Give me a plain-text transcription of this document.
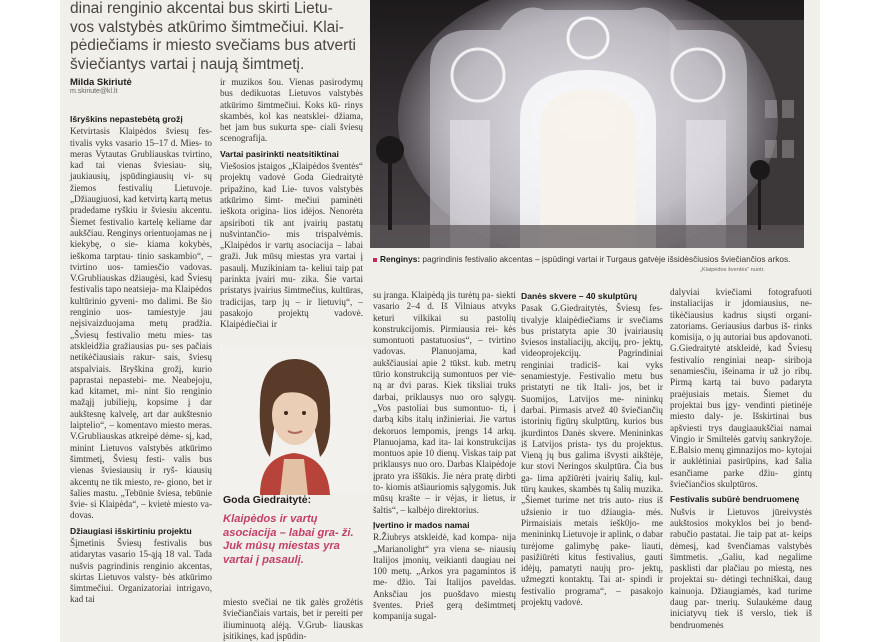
dinai renginio akcentai bus skirti Lietu- vos valstybės atkūrimo šimtmečiui. Klai- pėdiečiams ir miesto svečiams bus atverti šviečiantys vartai į naują šimtmetį.
Milda Skiriutė
m.skiriute@kl.lt
Išryškins nepastebėtą grožį

Ketvirtasis Klaipėdos šviesų fes- tivalis vyks vasario 15–17 d. Mies- to meras Vytautas Grubliauskas tvirtino, kad tai vienas šviesiau- sių, jaukiausių, įspūdingiausių vi- sų žiemos festivalių Lietuvoje. „Džiaugiuosi, kad ketvirtą kartą metus pradedame ryškiu ir šviesiu akcentu. Šiemet festivalio kartelę keliame dar aukščiau. Renginys orientuojamas ne į kiekybę, o sie- kiama kokybės, ieškoma tarptau- tinio saskambio“, – tvirtino uos- tamiesčio vadovas. V.Grubliauskas džiaugėsi, kad Šviesų festivalis tapo neatsieja- ma Klaipėdos kultūrinio gyveni- mo dalimi. Be šio renginio uos- tamiestyje jau neįsivaizduojama metų pradžia. „Šviesų festivalio metu mies- tas atskleidžia gražiausias pu- ses pačiais netikėčiausiais rakur- sais, šviesų atspalviais. Išryškina grožį, kurio paprastai nepastebi- me. Neabejoju, kad kitamet, mi- nint šio renginio mažąjį jubiliejų, kopsime į dar aukštesnę kalvelę, art dar aukštesnio laiptelio“, – komentavo miesto meras. V.Grubliauskas atkreipė dėme- sį, kad, minint Lietuvos valstybės atkūrimo šimtmetį, Šviesų festi- valis bus vienas šviesiausių ir ryš- kiausių akcentų ne tik miesto, re- giono, bet ir šalies mastu. „Tebūnie šviesa, tebūnie švie- si Klaipėda“, – kvietė miesto va- dovas.

Džiaugiasi išskirtiniu projektu

Šįmetinis Šviesų festivalis bus atidarytas vasario 15-ąją 18 val. Tada nušvis pagrindinis renginio akcentas, skirtas Lietuvos valsty- bės atkūrimo šimtmečiui. Organizatoriai intrigavo, kad tai

ir muzikos šou. Vienas pasirodymų bus dedikuotas Lietuvos valstybės atkūrimo šimtmečiui. Koks kū- rinys skambės, kol kas neatsklei- džiama, bet jam bus sukurta spe- ciali šviesų scenografija.

Vartai pasirinkti neatsitiktinai

Viešosios įstaigos „Klaipėdos šventės“ projektų vadovė Goda Giedraitytė pripažino, kad Lie- tuvos valstybės atkūrimo šimt- mečiui paminėti ieškota origina- lios idėjos. Nenorėta apsiriboti tik ant įvairių pastatų nušvintančio- mis trispalvėmis. „Klaipėdos ir vartų asociacija – labai graži. Juk mūsų miestas yra vartai į pasaulį. Muzikiniam ta- keliui taip pat parinkta įvairi mu- zika. Šie vartai pristatys įvairius šimtmečius, kultūras, tradicijas, tarp jų – ir lietuvių“, – pasakojo projektų vadovė. Klaipėdiečiai ir

miesto svečiai ne tik galės grožėtis šviečiančiais vartais, bet ir pereiti per iliuminuotą alėją. V.Grub- liauskas įsitikinęs, kad įspūdin-

Renginys: pagrindinis festivalio akcentas – įspūdingi vartai ir Turgaus gatvėje išsidėsčiusios šviečiančios arkos.
„Klaipėdos šventės“ nuotr.

su įranga. Klaipėdą jis turėtų pa- siekti vasario 2–4 d. Iš Vilniaus atvyks keturi vilkikai su pastolių konstrukcijomis. Pirmiausia rei- kės sumontuoti pastatuosius“, – tvirtino vadovas. Planuojama, kad aukščiausiai apie 2 tūkst. kub. metrų tūrio konstrukciją sumontuos per vie- ną ar dvi paras. Kiek tiksliai truks darbai, priklausys nuo oro sąlygų. „Vos pastoliai bus sumontuo- ti, į darbą kibs italų inžinieriai. Jie vartus dekoruos lempomis, įrengs 14 arkų. Planuojama, kad ita- lai konstrukcijas montuos apie 10 dienų. Viskas taip pat priklausys nuo oro. Darbas Klaipėdoje įprato yra iššūkis. Jie nėra pratę dirbti to- kiomis atšiauriomis sąlygomis. Juk mūsų krašte – ir vėjas, ir lietus, ir šaltis“, – kalbėjo direktorius.

Įvertino ir mados namai

R.Žiubrys atskleidė, kad kompa- nija „Marianolight“ yra viena se- niausių Italijos įmonių, veikianti daugiau nei 100 metų. „Arkos yra pagamintos iš me- džio. Tai Italijos paveldas. Anksčiau jos puošdavo miestų šventes. Prieš gerą dešimtmetį kompanija sugal-

Danės skvere – 40 skulptūrų

Pasak G.Giedraitytės, Šviesų fes- tivalyje klaipėdiečiams ir svečiams bus pristatyta apie 30 įvairiausių šviesos instaliacijų, akcijų, pro- jektų, videoprojekcijų. Pagrindiniai renginiai tradiciš- kai vyks senamiestyje. Festivalio metu bus pristatyti ne tik Itali- jos, bet ir Suomijos, Latvijos me- nininkų darbai. Pirmasis atvež 40 šviečiančių istorinių figūrų skulptūrų, kurios bus įkurdintos Danės skvere. Menininkas iš Latvijos prista- tys du projektus. Vieną jų bus galima išvysti aikštėje, kur stovi Neringos skulptūra. Čia bus ga- lima apžiūrėti įvairių šalių, kul- tūrų kaukes, skambės tų šalių muzika. „Šiemet turime net tris auto- rius iš užsienio ir tuo džiaugia- mės. Pirmaisiais metais iešk0jo- me menininkų Lietuvoje ir aplink, o dabar turėjome galimybę pake- liauti, pasižiūrėti kitus festivalius, gauti idėjų, pamatyti naujų pro- jektų, užmegzti kontaktų. Tai at- spindi ir festivalio programa“, – pasakojo projektų vadovė.

dalyviai kviečiami fotografuoti instaliacijas ir jdomiausius, ne- tikėčiausius kadrus siųsti organi- zatoriams. Geriausius darbus iš- rinks komisija, o jų autoriai bus apdovanoti. G.Giedraitytė atskleidė, kad Šviesų festivalio renginiai neap- siriboja senamiesčiu, išeinama ir už jo ribų. Pirmą kartą tai buvo padaryta praėjusiais metais. Šiemet du projektai bus įgy- vendinti pietinėje miesto daly- je. Išskirtinai bus apšviesti trys daugiaaukščiai namai Vingio ir Smiltelės gatvių sankryžoje. E.Balsio menų gimnazijos mo- kytojai ir auklėtiniai pasirūpins, kad šalia esančiame parke džiu- gintų šviečiančios skulptūros.

Festivalis subūrė bendruomenę

Nušvis ir Lietuvos jūreivystės aukštosios mokyklos bei jo bend- rabučio pastatai. Jie taip pat at- keips dėmesį, kad švenčiamas valstybės šimtmetis. „Galiu, kad negalime pasklisti dar plačiau po miestą, nes projektai su- dėtingi techniškai, daug kainuoja. Džiaugiamės, kad turime daug par- tnerių. Sulaukėme daug iniciatyvų tiek iš verslo, tiek iš bendruomenės

Goda Giedraitytė:
Klaipėdos ir vartų asociacija – labai gra- ži. Juk mūsų miestas yra vartai į pasaulį.
